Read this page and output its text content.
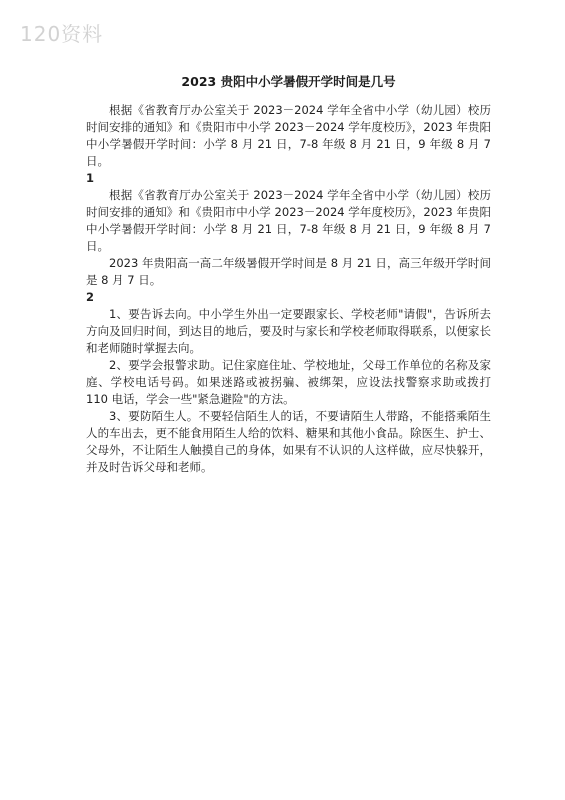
120资料
2023 贵阳中小学暑假开学时间是几号

根据《省教育厅办公室关于 2023－2024 学年全省中小学（幼儿园）校历时间安排的通知》和《贵阳市中小学 2023－2024 学年度校历》，2023 年贵阳中小学暑假开学时间：小学 8 月 21 日，7-8 年级 8 月 21 日，9 年级 8 月 7 日。

1

根据《省教育厅办公室关于 2023－2024 学年全省中小学（幼儿园）校历时间安排的通知》和《贵阳市中小学 2023－2024 学年度校历》，2023 年贵阳中小学暑假开学时间：小学 8 月 21 日，7-8 年级 8 月 21 日，9 年级 8 月 7 日。

2023 年贵阳高一高二年级暑假开学时间是 8 月 21 日，高三年级开学时间是 8 月 7 日。

2

1、要告诉去向。中小学生外出一定要跟家长、学校老师"请假"，告诉所去方向及回归时间，到达目的地后，要及时与家长和学校老师取得联系，以便家长和老师随时掌握去向。

2、要学会报警求助。记住家庭住址、学校地址，父母工作单位的名称及家庭、学校电话号码。如果迷路或被拐骗、被绑架，应设法找警察求助或拨打 110 电话，学会一些"紧急避险"的方法。

3、要防陌生人。不要轻信陌生人的话，不要请陌生人带路，不能搭乘陌生人的车出去，更不能食用陌生人给的饮料、糖果和其他小食品。除医生、护士、父母外，不让陌生人触摸自己的身体，如果有不认识的人这样做，应尽快躲开，并及时告诉父母和老师。
